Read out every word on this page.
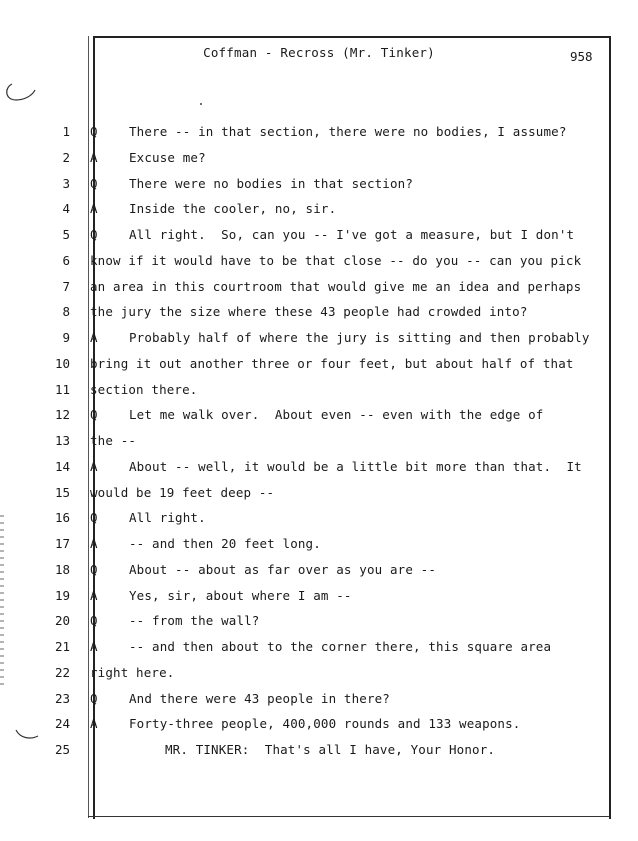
Coffman - Recross (Mr. Tinker)	958
1 Q	There -- in that section, there were no bodies, I assume?
2 A	Excuse me?
3 Q	There were no bodies in that section?
4 A	Inside the cooler, no, sir.
5 Q	All right.  So, can you -- I've got a measure, but I don't
6 know if it would have to be that close -- do you -- can you pick
7 an area in this courtroom that would give me an idea and perhaps
8 the jury the size where these 43 people had crowded into?
9 A	Probably half of where the jury is sitting and then probably
10 bring it out another three or four feet, but about half of that
11 section there.
12 Q	Let me walk over.  About even -- even with the edge of
13 the --
14 A	About -- well, it would be a little bit more than that.  It
15 would be 19 feet deep --
16 Q	All right.
17 A	-- and then 20 feet long.
18 Q	About -- about as far over as you are --
19 A	Yes, sir, about where I am --
20 Q	-- from the wall?
21 A	-- and then about to the corner there, this square area
22 right here.
23 Q	And there were 43 people in there?
24 A	Forty-three people, 400,000 rounds and 133 weapons.
25	MR. TINKER:  That's all I have, Your Honor.
